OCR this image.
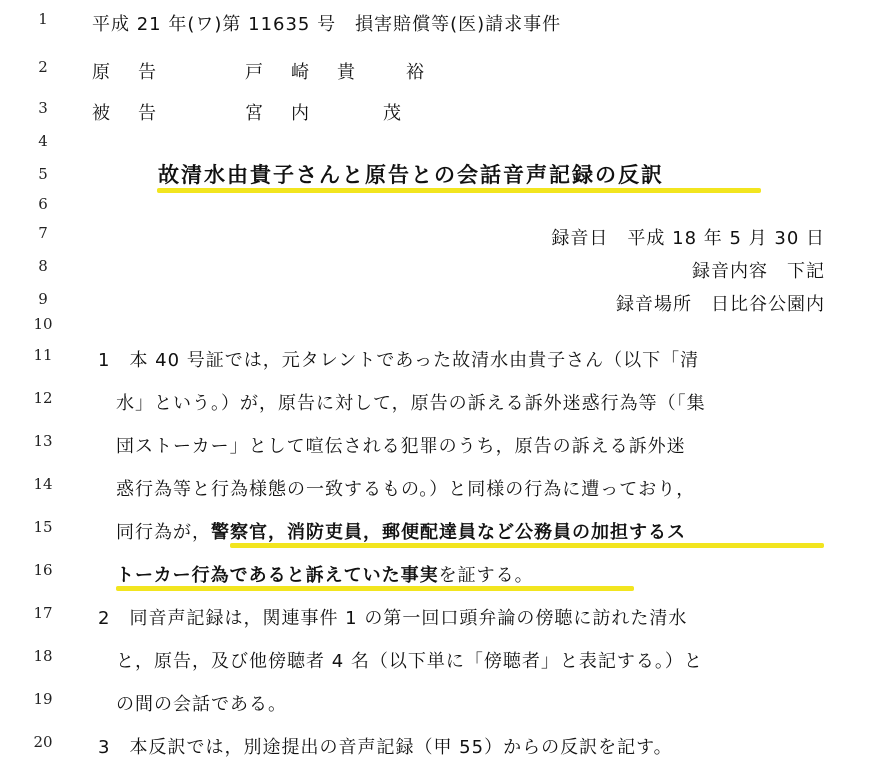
1	平成 21 年(ワ)第 11635 号　損害賠償等(医)請求事件
2	原　告	戸　崎　貴　　裕
3	被　告	宮　内　　　茂
4
5	故清水由貴子さんと原告との会話音声記録の反訳
6
7	録音日　平成 18 年 5 月 30 日
8	録音内容　下記
9	録音場所　日比谷公園内
10
11	1　本 40 号証では，元タレントであった故清水由貴子さん（以下「清
12	水」という。）が，原告に対して，原告の訴える訴外迷惑行為等（「集
13	団ストーカー」として喧伝される犯罪のうち，原告の訴える訴外迷
14	惑行為等と行為様態の一致するもの。）と同様の行為に遭っており，
15	同行為が，警察官，消防吏員，郵便配達員など公務員の加担するス
16	トーカー行為であると訴えていた事実を証する。
17	2　同音声記録は，関連事件 1 の第一回口頭弁論の傍聴に訪れた清水
18	と，原告，及び他傍聴者 4 名（以下単に「傍聴者」と表記する。）と
19	の間の会話である。
20	3　本反訳では，別途提出の音声記録（甲 55）からの反訳を記す。
